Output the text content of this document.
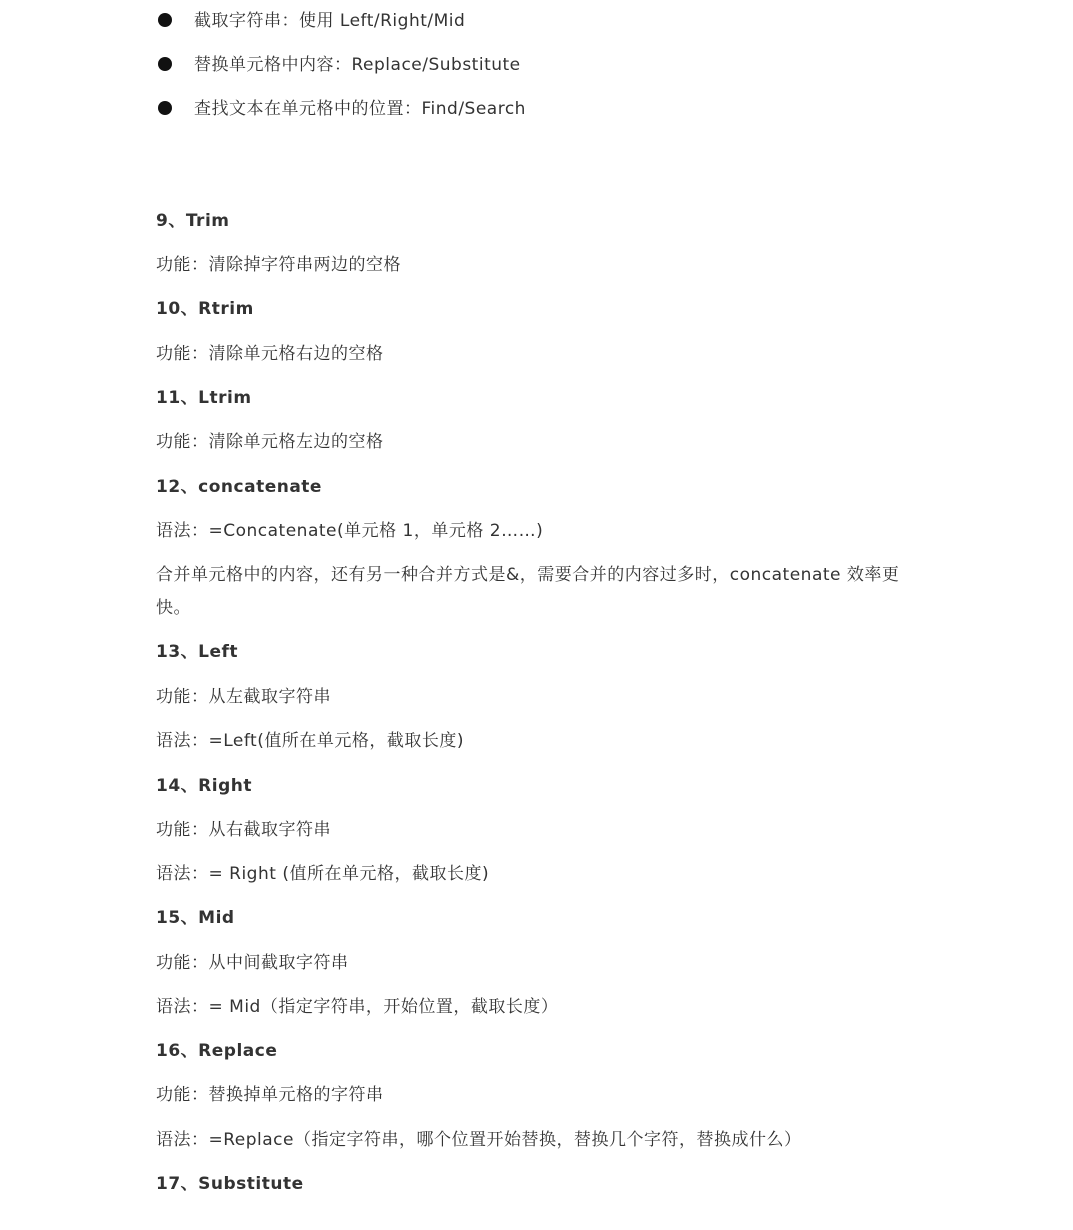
截取字符串：使用 Left/Right/Mid
替换单元格中内容：Replace/Substitute
查找文本在单元格中的位置：Find/Search
9、Trim
功能：清除掉字符串两边的空格
10、Rtrim
功能：清除单元格右边的空格
11、Ltrim
功能：清除单元格左边的空格
12、concatenate
语法：=Concatenate(单元格 1，单元格 2……)
合并单元格中的内容，还有另一种合并方式是&，需要合并的内容过多时，concatenate 效率更快。
13、Left
功能：从左截取字符串
语法：=Left(值所在单元格，截取长度)
14、Right
功能：从右截取字符串
语法：= Right (值所在单元格，截取长度)
15、Mid
功能：从中间截取字符串
语法：= Mid（指定字符串，开始位置，截取长度）
16、Replace
功能：替换掉单元格的字符串
语法：=Replace（指定字符串，哪个位置开始替换，替换几个字符，替换成什么）
17、Substitute
